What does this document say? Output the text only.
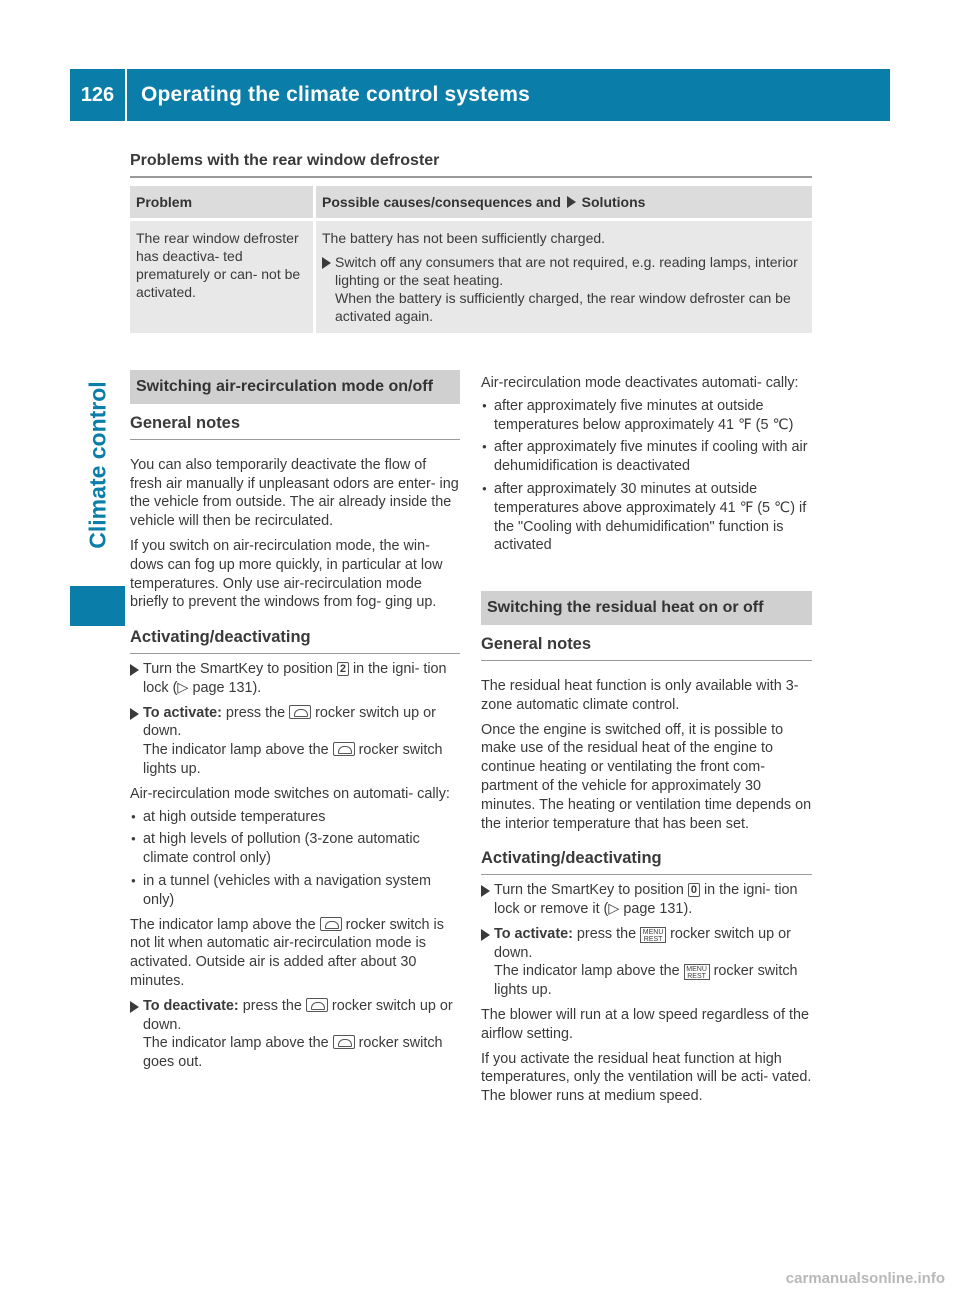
126	Operating the climate control systems
Climate control
Problems with the rear window defroster
Problem	Possible causes/consequences and Solutions
The rear window defroster has deactiva- ted prematurely or can- not be activated.
The battery has not been sufficiently charged.
Switch off any consumers that are not required, e.g. reading lamps, interior lighting or the seat heating.
When the battery is sufficiently charged, the rear window defroster can be activated again.
Switching air-recirculation mode on/off
General notes
You can also temporarily deactivate the flow of fresh air manually if unpleasant odors are enter- ing the vehicle from outside. The air already inside the vehicle will then be recirculated.
If you switch on air-recirculation mode, the win- dows can fog up more quickly, in particular at low temperatures. Only use air-recirculation mode briefly to prevent the windows from fog- ging up.
Activating/deactivating
Turn the SmartKey to position 2 in the igni- tion lock (▷ page 131).
To activate: press the rocker switch up or down.
The indicator lamp above the rocker switch lights up.
Air-recirculation mode switches on automati- cally:
● at high outside temperatures
● at high levels of pollution (3-zone automatic climate control only)
● in a tunnel (vehicles with a navigation system only)
The indicator lamp above the rocker switch is not lit when automatic air-recirculation mode is activated. Outside air is added after about 30 minutes.
To deactivate: press the rocker switch up or down.
The indicator lamp above the rocker switch goes out.
Air-recirculation mode deactivates automati- cally:
● after approximately five minutes at outside temperatures below approximately 41 ℉ (5 ℃)
● after approximately five minutes if cooling with air dehumidification is deactivated
● after approximately 30 minutes at outside temperatures above approximately 41 ℉ (5 ℃) if the "Cooling with dehumidification" function is activated
Switching the residual heat on or off
General notes
The residual heat function is only available with 3-zone automatic climate control.
Once the engine is switched off, it is possible to make use of the residual heat of the engine to continue heating or ventilating the front com- partment of the vehicle for approximately 30 minutes. The heating or ventilation time depends on the interior temperature that has been set.
Activating/deactivating
Turn the SmartKey to position 0 in the igni- tion lock or remove it (▷ page 131).
To activate: press the MENU
REST rocker switch up or down.
The indicator lamp above the MENU
REST rocker switch lights up.
The blower will run at a low speed regardless of the airflow setting.
If you activate the residual heat function at high temperatures, only the ventilation will be acti- vated. The blower runs at medium speed.
carmanualsonline.info
